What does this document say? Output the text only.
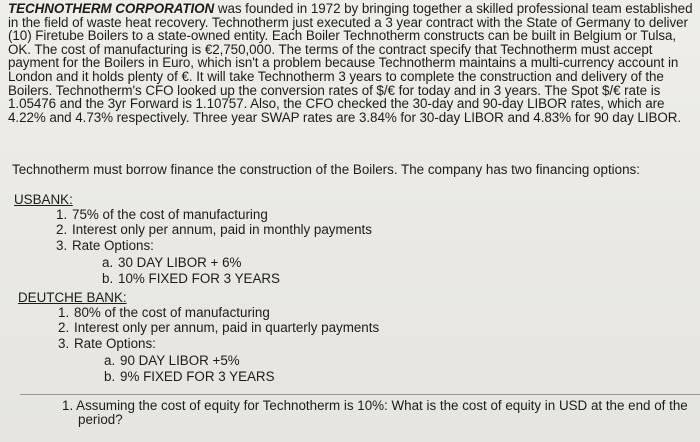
TECHNOTHERM CORPORATION was founded in 1972 by bringing together a skilled professional team established in the field of waste heat recovery. Technotherm just executed a 3 year contract with the State of Germany to deliver (10) Firetube Boilers to a state-owned entity. Each Boiler Technotherm constructs can be built in Belgium or Tulsa, OK. The cost of manufacturing is €2,750,000. The terms of the contract specify that Technotherm must accept payment for the Boilers in Euro, which isn't a problem because Technotherm maintains a multi-currency account in London and it holds plenty of €. It will take Technotherm 3 years to complete the construction and delivery of the Boilers. Technotherm's CFO looked up the conversion rates of $/€ for today and in 3 years. The Spot $/€ rate is 1.05476 and the 3yr Forward is 1.10757. Also, the CFO checked the 30-day and 90-day LIBOR rates, which are 4.22% and 4.73% respectively. Three year SWAP rates are 3.84% for 30-day LIBOR and 4.83% for 90 day LIBOR.
Technotherm must borrow finance the construction of the Boilers. The company has two financing options:
USBANK:
1. 75% of the cost of manufacturing
2. Interest only per annum, paid in monthly payments
3. Rate Options:
a. 30 DAY LIBOR + 6%
b. 10% FIXED FOR 3 YEARS
DEUTCHE BANK:
1. 80% of the cost of manufacturing
2. Interest only per annum, paid in quarterly payments
3. Rate Options:
a. 90 DAY LIBOR +5%
b. 9% FIXED FOR 3 YEARS
1. Assuming the cost of equity for Technotherm is 10%: What is the cost of equity in USD at the end of the period?
